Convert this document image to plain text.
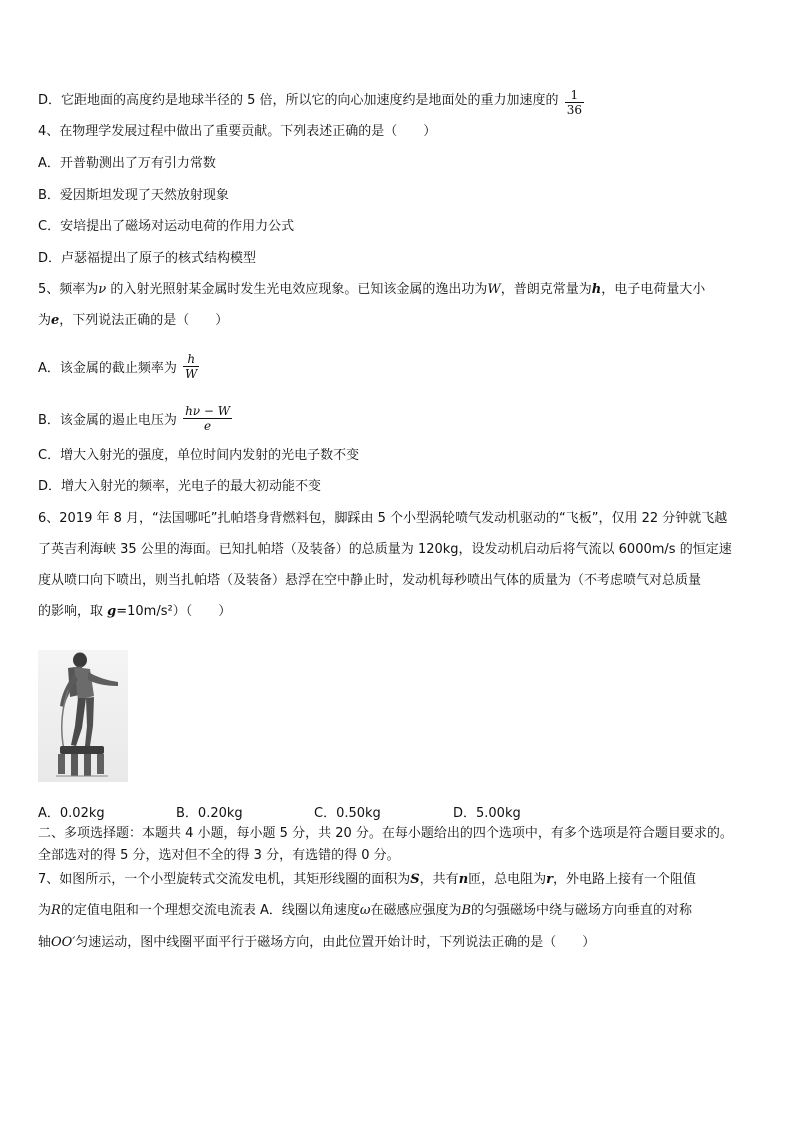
D．它距地面的高度约是地球半径的 5 倍，所以它的向心加速度约是地面处的重力加速度的 $\frac{1}{36}$
4、在物理学发展过程中做出了重要贡献。下列表述正确的是（　　）
A．开普勒测出了万有引力常数
B．爱因斯坦发现了天然放射现象
C．安培提出了磁场对运动电荷的作用力公式
D．卢瑟福提出了原子的核式结构模型
5、频率为ν 的入射光照射某金属时发生光电效应现象。已知该金属的逸出功为W，普朗克常量为h，电子电荷量大小
为e，下列说法正确的是（　　）
A．该金属的截止频率为 $\frac{h}{W}$
B．该金属的遏止电压为 $\frac{h\nu - W}{e}$
C．增大入射光的强度，单位时间内发射的光电子数不变
D．增大入射光的频率，光电子的最大初动能不变
6、2019 年 8 月，“法国哪吒”扎帕塔身背燃料包，脚踩由 5 个小型涡轮喷气发动机驱动的“飞板”，仅用 22 分钟就飞越
了英吉利海峡 35 公里的海面。已知扎帕塔（及装备）的总质量为 120kg，设发动机启动后将气流以 6000m/s 的恒定速
度从喷口向下喷出，则当扎帕塔（及装备）悬浮在空中静止时，发动机每秒喷出气体的质量为（不考虑喷气对总质量
的影响，取 g=10m/s²）（　　）
A．0.02kg	B．0.20kg	C．0.50kg	D．5.00kg
二、多项选择题：本题共 4 小题，每小题 5 分，共 20 分。在每小题给出的四个选项中，有多个选项是符合题目要求的。
全部选对的得 5 分，选对但不全的得 3 分，有选错的得 0 分。
7、如图所示，一个小型旋转式交流发电机，其矩形线圈的面积为S，共有n匝，总电阻为r，外电路上接有一个阻值
为R的定值电阻和一个理想交流电流表 A．线圈以角速度ω在磁感应强度为B的匀强磁场中绕与磁场方向垂直的对称
轴OO′匀速运动，图中线圈平面平行于磁场方向，由此位置开始计时，下列说法正确的是（　　）
